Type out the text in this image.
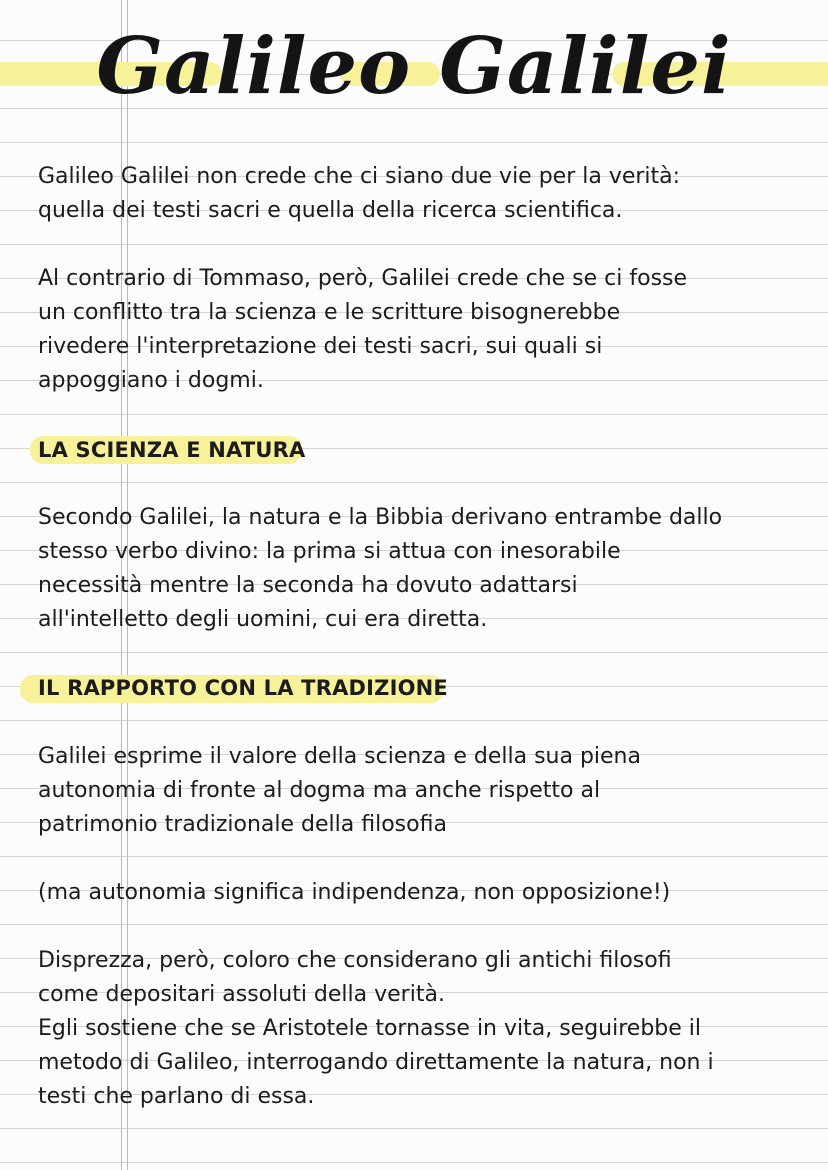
Galileo Galilei

Galileo Galilei non crede che ci siano due vie per la verità:

quella dei testi sacri e quella della ricerca scientifica.

Al contrario di Tommaso, però, Galilei crede che se ci fosse

un conflitto tra la scienza e le scritture bisognerebbe

rivedere l'interpretazione dei testi sacri, sui quali si

appoggiano i dogmi.

LA SCIENZA E NATURA

Secondo Galilei, la natura e la Bibbia derivano entrambe dallo

stesso verbo divino: la prima si attua con inesorabile

necessità mentre la seconda ha dovuto adattarsi

all'intelletto degli uomini, cui era diretta.

IL RAPPORTO CON LA TRADIZIONE

Galilei esprime il valore della scienza e della sua piena

autonomia di fronte al dogma ma anche rispetto al

patrimonio tradizionale della filosofia

(ma autonomia significa indipendenza, non opposizione!)

Disprezza, però, coloro che considerano gli antichi filosofi

come depositari assoluti della verità.

Egli sostiene che se Aristotele tornasse in vita, seguirebbe il

metodo di Galileo, interrogando direttamente la natura, non i

testi che parlano di essa.
